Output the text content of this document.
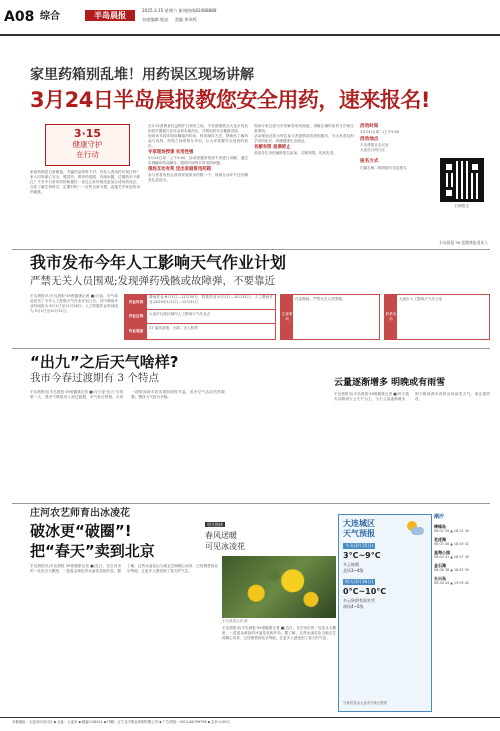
A08 综合	半岛晨报
2025.3.15 星期六 新闻热线82488888
首席编辑 瓶安 美编 李风鸣
家里药箱别乱堆！用药误区现场讲解
3月24日半岛晨报教您安全用药，速来报名!
3·15
健康守护
在行动
家庭药箱是日常储备。关键药品却每不对。你有人看用药有误区吗？家人时所那心安全，感冒药、维草药混服、有副问题，过期药多不绑扎？不多中日常用药的积极性一直这么好药规范更加合适用药误区，合你了解生命科学，定期对相一一这些目常习惯，直接关乎家庭的用药健康。
在3·15消费者权益保护日到来之际，半岛晨报联合大连市药品和医疗器械行业协会和本地药企，开展用药安全健康讲座。
现场来宾将详细讲解服药时间、科普储存方法，帮助你了解药品与食物、药物之间的相互作用，让大家掌握安全用药的知识。
专家现场授课 实用性强
3月24日周二上午9:00，活动将邀请资深专家进行讲解，通过实例解读药品储存、服药时间等日常用药问题。
现场互动有奖 送出家庭常用药箱
参与者将有机会获得家庭常用药箱一个，现场互动环节还有精美礼品送出。
现场专家还将为市民解答用药困惑，讲解正确的用药方法和注意事项。
活动现场还将为每位参与者提供用药咨询服务，为大家普及科学用药知识，传播健康生活理念。
名额有限 报满即止
欢迎各位市民踊跃报名参加，名额有限，先到先得。
活动时间
3月24日(周二)上午9:00
活动地点
半岛晨报社会议室
大连市沙河口区
报名方式
扫描右侧二维码填写信息报名
扫码报名
半岛晨报·39 度健康报道本人
我市发布今年人工影响天气作业计划
严禁无关人员围观;发现弹药残骸或故障弹，不要靠近
半岛晨报讯(半岛晨报·39度健康记者 ■)日前，市气象局发布了今年人工影响天气作业计划公告。其中增雨作业时间段为 6月1日至11月30日；人工防雹作业时间段为 5月1日至10月31日。
作业时间
增雨作业:6月1日—11月30日；防雹作业:5月1日—10月31日；人工增雨作业:2025年1月1日—12月31日
作业区域
大连市行政区域内人工影响天气作业点
作业装备
37 毫米高炮、火箭、无人机等
注意事项
作业期间，严禁无关人员围观。
联系电话
大连市人工影响天气办公室
“出九”之后天气啥样?
我市今春过渡期有 3 个特点
半岛晨报讯(半岛晨报·39度健康记者 ■)今天是“出九”后的第一天，我市气候将进入到过渡期，市气象台预报，未来一段时间我市将出现阶段性升温，但冷空气活动仍然频繁，整体天气较为平稳。
云量逐渐增多 明晚或有雨雪
半岛晨报讯(半岛晨报·39度健康记者 ■)昨天我市以晴到少云天气为主，今天云量逐渐增多，明天晚间我市或将出现雨雪天气，请注意防范。
庄河农艺师育出冰凌花
破冰更“破圈”!
把“春天”卖到北京
半岛晨报讯(半岛晨报·39度健康记者 ■)近日，在庄河市的一处花卉大棚里，一盆盆金黄色的冰凌花竞相开放。据了解，这些冰凌花由当地农艺师精心培育，已经销售到北京等地，让更多人感受到了春天的气息。
相关链接
春风送暖
可见冰凌花
半岛晨报记者 摄
半岛晨报讯(半岛晨报·39度健康记者 ■)近日，在庄河市的一处花卉大棚里，一盆盆金黄色的冰凌花竞相开放。据了解，这些冰凌花由当地农艺师精心培育，已经销售到北京等地，让更多人感受到了春天的气息。
大连城区
天气预报
今天(3月15日)
3°C~9°C
多云转晴
北风3~4级
明天(3月16日)
0°C~10°C
多云转阴有雨夹雪
南风4~5级
气象信息由大连市气象台提供
潮汐
棒棰岛
06:02 39 ▲ 18:31 39
老虎滩
06:03 40 ▲ 18:35 41
星海公园
06:04 41 ▲ 18:37 40
金石滩
06:08 38 ▲ 18:42 39
长兴岛
06:34 43 ▲ 19:05 42
本报地址：大连市沙河口区 ▪ 社址：大连市 ▪ 邮编:116011 ▪ 印刷：辽宁北方报业印刷有限公司 ▪ 广告热线：0411-84799799 ▪ 定价:1.00元
